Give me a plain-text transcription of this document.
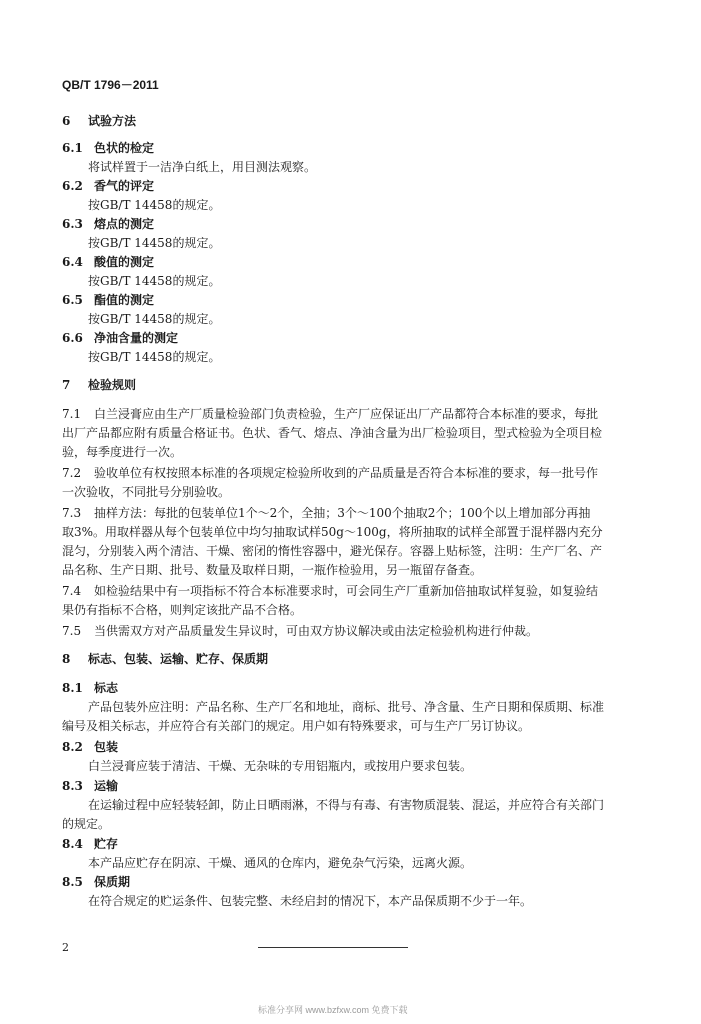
QB/T 1796－2011
6 试验方法
6.1 色状的检定
将试样置于一洁净白纸上，用目测法观察。
6.2 香气的评定
按GB/T 14458的规定。
6.3 熔点的测定
按GB/T 14458的规定。
6.4 酸值的测定
按GB/T 14458的规定。
6.5 酯值的测定
按GB/T 14458的规定。
6.6 净油含量的测定
按GB/T 14458的规定。
7 检验规则
7.1 白兰浸膏应由生产厂质量检验部门负责检验，生产厂应保证出厂产品都符合本标准的要求，每批
出厂产品都应附有质量合格证书。色状、香气、熔点、净油含量为出厂检验项目，型式检验为全项目检
验，每季度进行一次。
7.2 验收单位有权按照本标准的各项规定检验所收到的产品质量是否符合本标准的要求，每一批号作
一次验收，不同批号分别验收。
7.3 抽样方法：每批的包装单位1个～2个，全抽；3个～100个抽取2个；100个以上增加部分再抽
取3%。用取样器从每个包装单位中均匀抽取试样50g～100g，将所抽取的试样全部置于混样器内充分
混匀，分别装入两个清洁、干燥、密闭的惰性容器中，避光保存。容器上贴标签，注明：生产厂名、产
品名称、生产日期、批号、数量及取样日期，一瓶作检验用，另一瓶留存备查。
7.4 如检验结果中有一项指标不符合本标准要求时，可会同生产厂重新加倍抽取试样复验，如复验结
果仍有指标不合格，则判定该批产品不合格。
7.5 当供需双方对产品质量发生异议时，可由双方协议解决或由法定检验机构进行仲裁。
8 标志、包装、运输、贮存、保质期
8.1 标志
产品包装外应注明：产品名称、生产厂名和地址，商标、批号、净含量、生产日期和保质期、标准
编号及相关标志，并应符合有关部门的规定。用户如有特殊要求，可与生产厂另订协议。
8.2 包装
白兰浸膏应装于清洁、干燥、无杂味的专用铝瓶内，或按用户要求包装。
8.3 运输
在运输过程中应轻装轻卸，防止日晒雨淋，不得与有毒、有害物质混装、混运，并应符合有关部门
的规定。
8.4 贮存
本产品应贮存在阴凉、干燥、通风的仓库内，避免杂气污染，远离火源。
8.5 保质期
在符合规定的贮运条件、包装完整、未经启封的情况下，本产品保质期不少于一年。
2
标准分享网 www.bzfxw.com 免费下载
